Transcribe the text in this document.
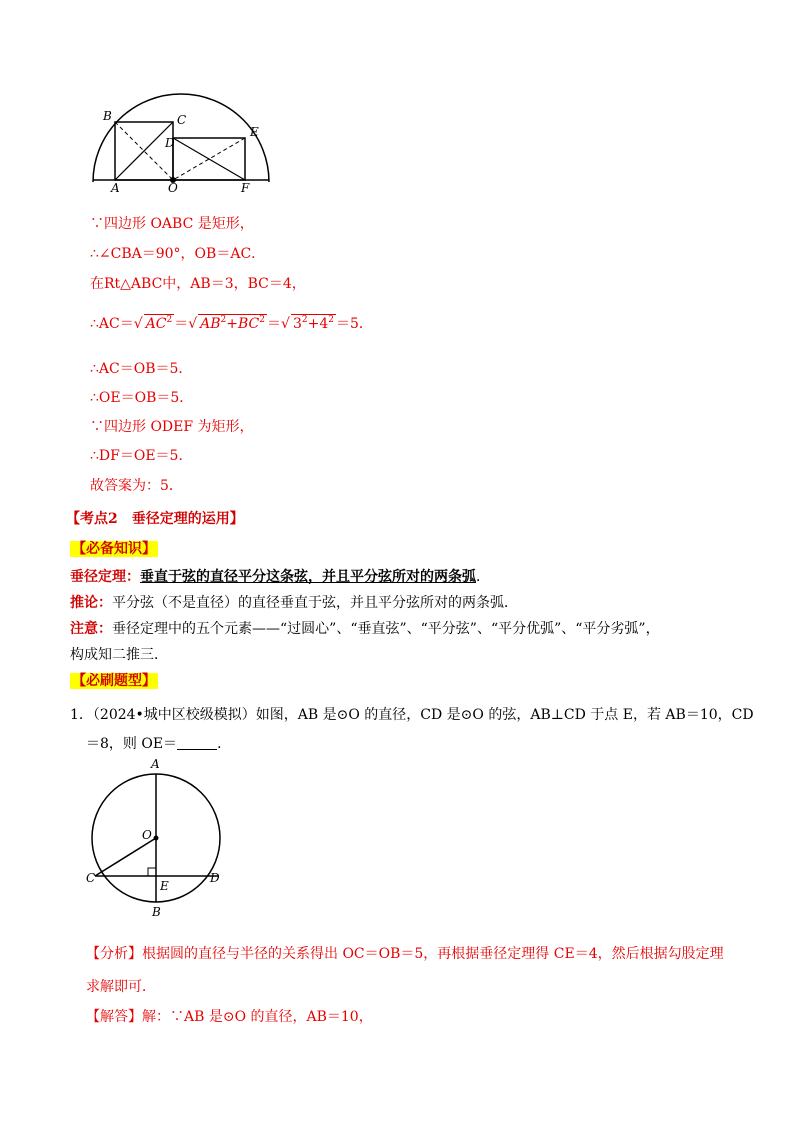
B	C
D
E
A	O	F
∵四边形 OABC 是矩形，
∴∠CBA＝90°，OB＝AC．
在Rt△ABC中，AB＝3，BC＝4，
∴AC＝√ $AC^2$ ＝√ $AB^2+BC^2$ ＝√ $3^2+4^2 =5$．
∴AC＝OB＝5．
∴OE＝OB＝5．
∵四边形 ODEF 为矩形，
∴DF＝OE＝5．
故答案为：5．
【考点2　垂径定理的运用】
【必备知识】
垂径定理：垂直于弦的直径平分这条弦，并且平分弦所对的两条弧．
推论：平分弦（不是直径）的直径垂直于弦，并且平分弦所对的两条弧．
注意：垂径定理中的五个元素——“过圆心”、“垂直弦”、“平分弦”、“平分优弧”、“平分劣弧”，
构成知二推三．
【必刷题型】
1．（2024•城中区校级模拟）如图，AB 是⊙O 的直径，CD 是⊙O 的弦，AB⊥CD 于点 E，若 AB＝10，CD
＝8，则 OE＝	．
A
O
C
E
D
B
【分析】根据圆的直径与半径的关系得出 OC＝OB＝5，再根据垂径定理得 CE＝4，然后根据勾股定理
求解即可．
【解答】解：∵AB 是⊙O 的直径，AB＝10，
